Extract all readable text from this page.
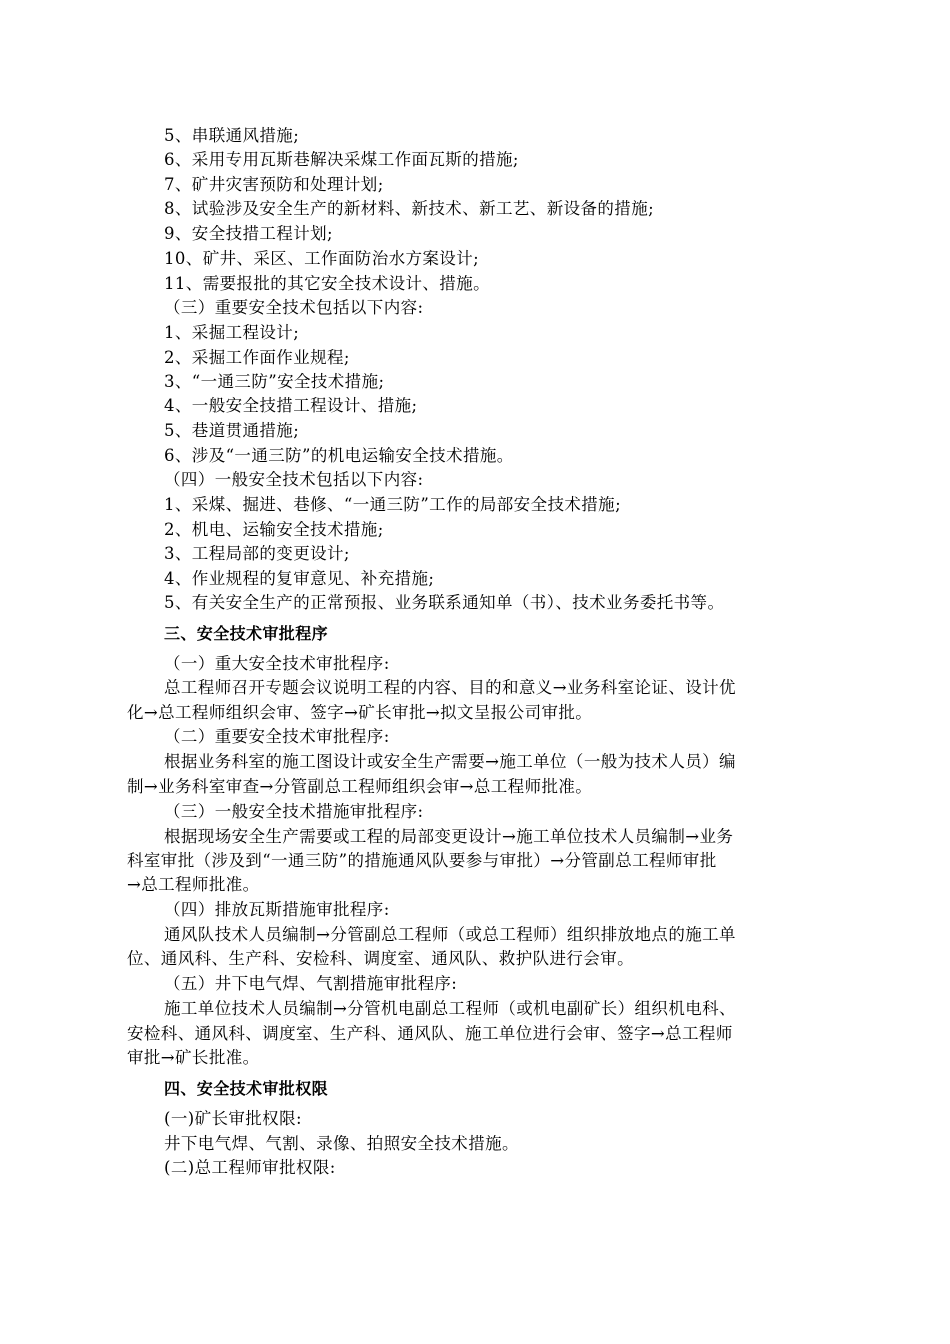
5、串联通风措施;
6、采用专用瓦斯巷解决采煤工作面瓦斯的措施;
7、矿井灾害预防和处理计划;
8、试验涉及安全生产的新材料、新技术、新工艺、新设备的措施;
9、安全技措工程计划;
10、矿井、采区、工作面防治水方案设计;
11、需要报批的其它安全技术设计、措施。
（三）重要安全技术包括以下内容:
1、采掘工程设计;
2、采掘工作面作业规程;
3、“一通三防”安全技术措施;
4、一般安全技措工程设计、措施;
5、巷道贯通措施;
6、涉及“一通三防”的机电运输安全技术措施。
（四）一般安全技术包括以下内容:
1、采煤、掘进、巷修、“一通三防”工作的局部安全技术措施;
2、机电、运输安全技术措施;
3、工程局部的变更设计;
4、作业规程的复审意见、补充措施;
5、有关安全生产的正常预报、业务联系通知单（书）、技术业务委托书等。
三、安全技术审批程序
（一）重大安全技术审批程序:
总工程师召开专题会议说明工程的内容、目的和意义→业务科室论证、设计优
化→总工程师组织会审、签字→矿长审批→拟文呈报公司审批。
（二）重要安全技术审批程序:
根据业务科室的施工图设计或安全生产需要→施工单位（一般为技术人员）编
制→业务科室审查→分管副总工程师组织会审→总工程师批准。
（三）一般安全技术措施审批程序:
根据现场安全生产需要或工程的局部变更设计→施工单位技术人员编制→业务
科室审批（涉及到“一通三防”的措施通风队要参与审批）→分管副总工程师审批
→总工程师批准。
（四）排放瓦斯措施审批程序:
通风队技术人员编制→分管副总工程师（或总工程师）组织排放地点的施工单
位、通风科、生产科、安检科、调度室、通风队、救护队进行会审。
（五）井下电气焊、气割措施审批程序:
施工单位技术人员编制→分管机电副总工程师（或机电副矿长）组织机电科、
安检科、通风科、调度室、生产科、通风队、施工单位进行会审、签字→总工程师
审批→矿长批准。
四、安全技术审批权限
(一)矿长审批权限:
井下电气焊、气割、录像、拍照安全技术措施。
(二)总工程师审批权限:
